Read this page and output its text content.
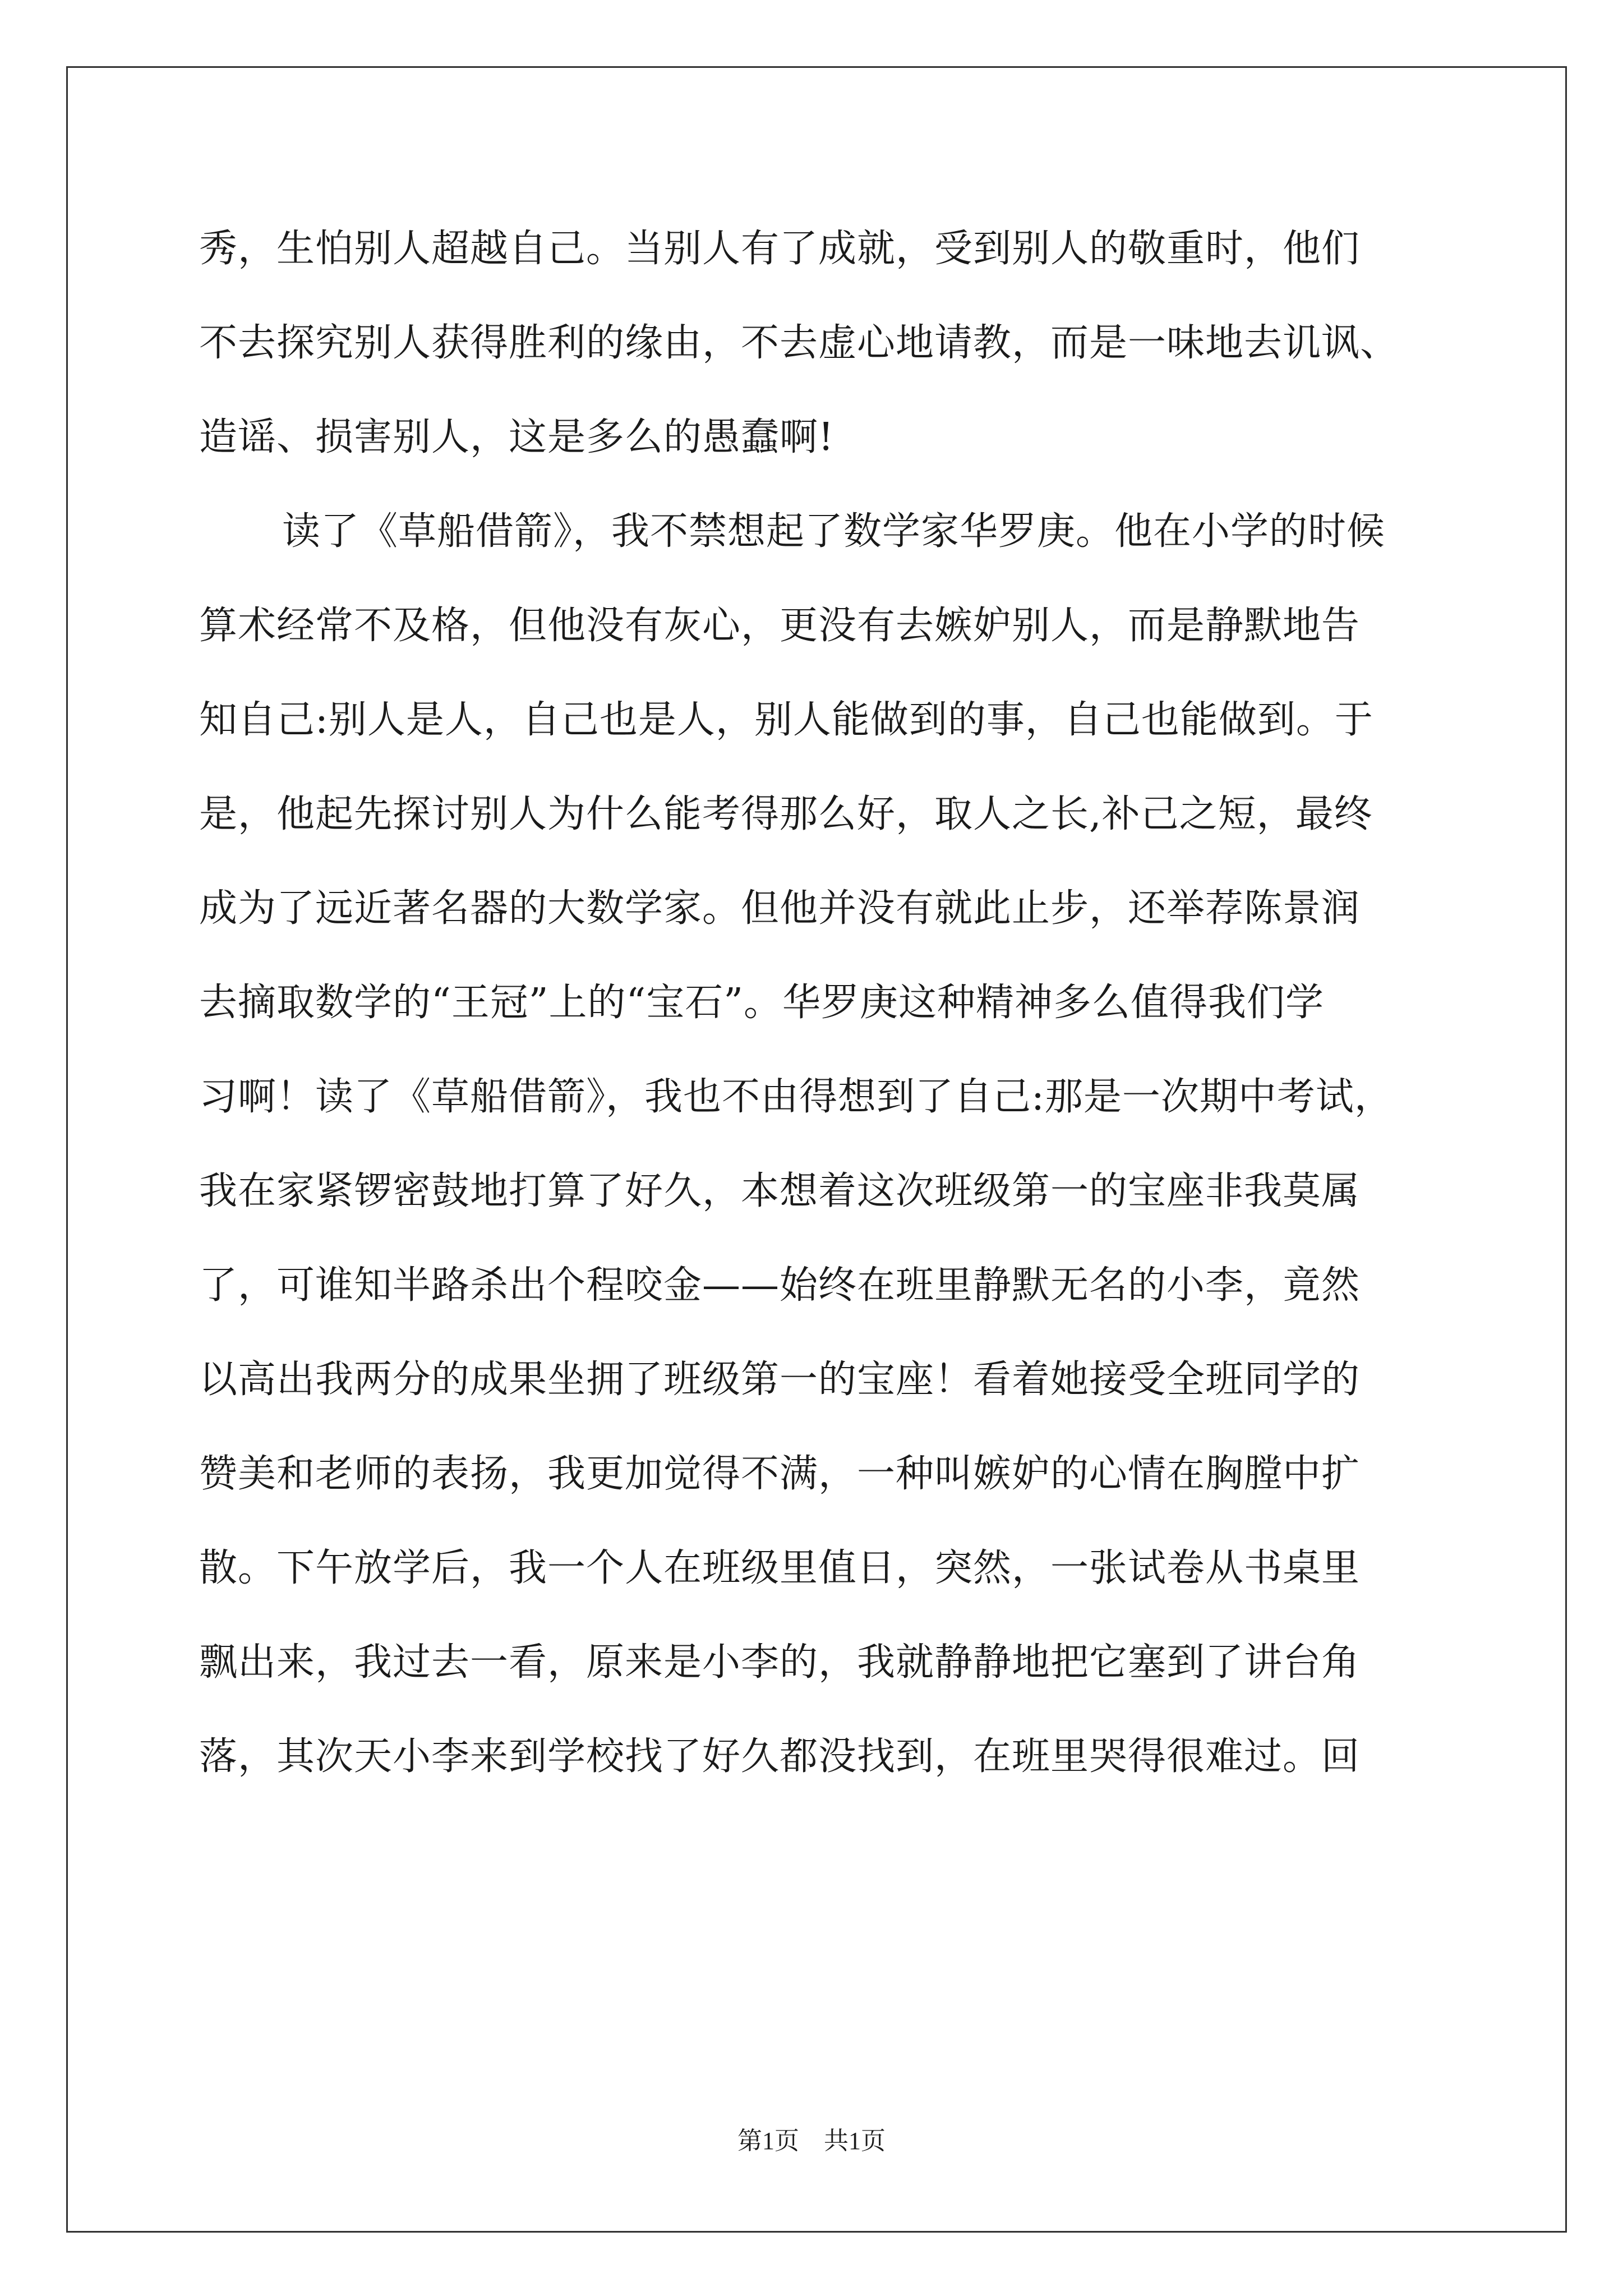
秀，生怕别人超越自己。当别人有了成就，受到别人的敬重时，他们
不去探究别人获得胜利的缘由，不去虚心地请教，而是一味地去讥讽、
造谣、损害别人，这是多么的愚蠢啊!
读了《草船借箭》，我不禁想起了数学家华罗庚。他在小学的时候
算术经常不及格，但他没有灰心，更没有去嫉妒别人，而是静默地告
知自己:别人是人，自己也是人，别人能做到的事，自己也能做到。于
是，他起先探讨别人为什么能考得那么好，取人之长,补己之短，最终
成为了远近著名器的大数学家。但他并没有就此止步，还举荐陈景润
去摘取数学的“王冠”上的“宝石”。华罗庚这种精神多么值得我们学
习啊！读了《草船借箭》，我也不由得想到了自己:那是一次期中考试，
我在家紧锣密鼓地打算了好久，本想着这次班级第一的宝座非我莫属
了，可谁知半路杀出个程咬金——始终在班里静默无名的小李，竟然
以高出我两分的成果坐拥了班级第一的宝座！看着她接受全班同学的
赞美和老师的表扬，我更加觉得不满，一种叫嫉妒的心情在胸膛中扩
散。下午放学后，我一个人在班级里值日，突然，一张试卷从书桌里
飘出来，我过去一看，原来是小李的，我就静静地把它塞到了讲台角
落，其次天小李来到学校找了好久都没找到，在班里哭得很难过。回
第1页　共1页
